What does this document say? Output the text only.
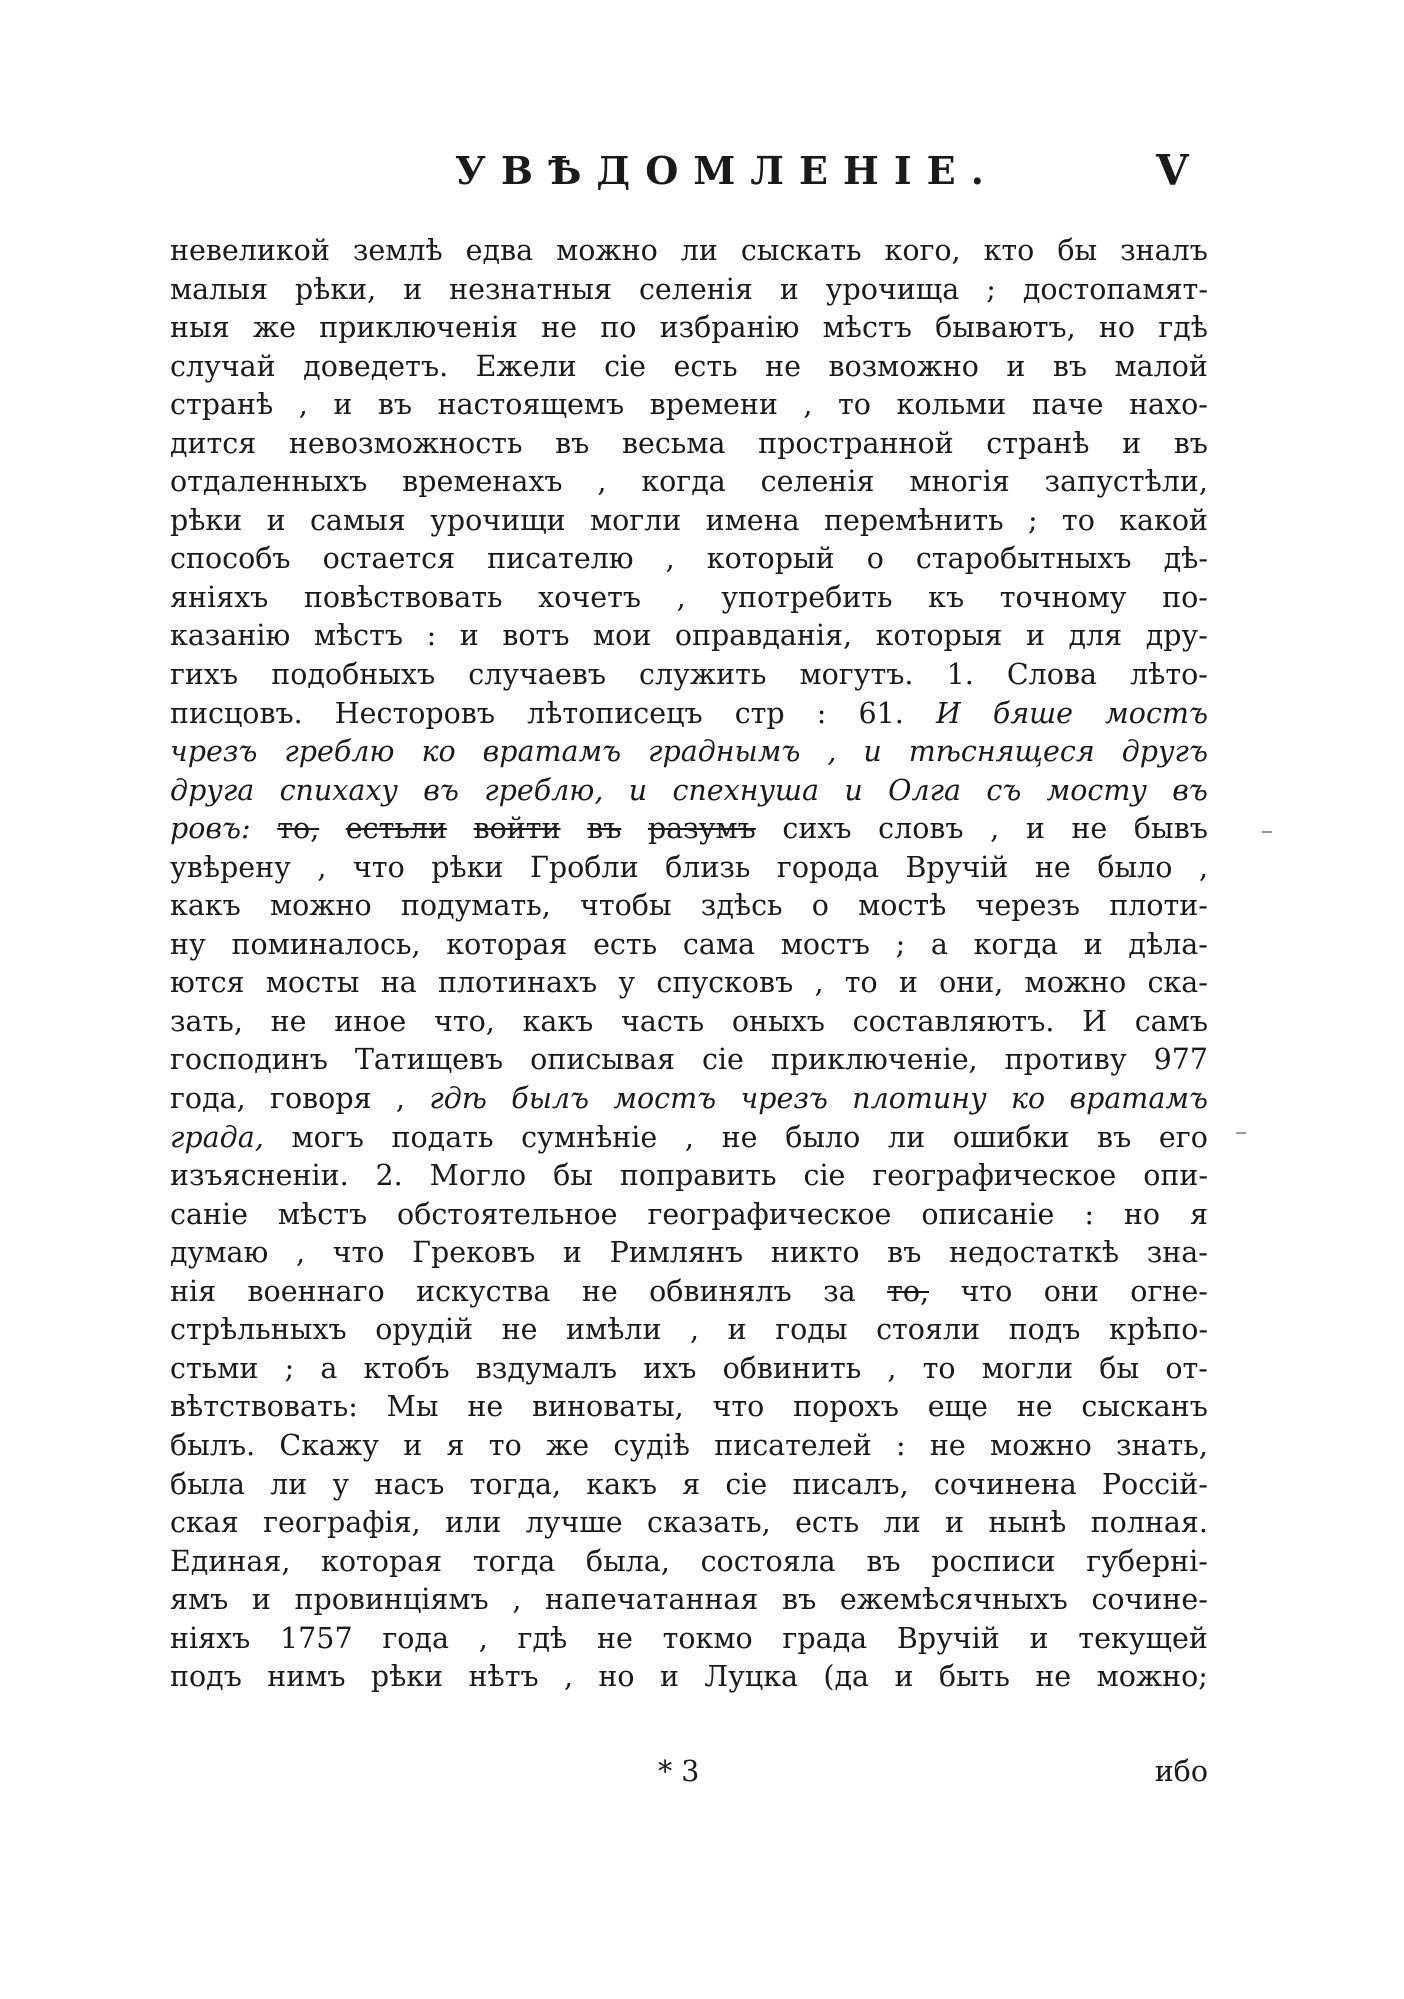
УВѢДОМЛЕНIЕ.	V
невеликой землѣ едва можно ли сыскать кого, кто бы зналъ
малыя рѣки, и незнатныя селенія и урочища ; достопамят-
ныя же приключенія не по избранію мѣстъ бываютъ, но гдѣ
случай доведетъ. Ежели сіе есть не возможно и въ малой
странѣ , и въ настоящемъ времени , то кольми паче нахо-
дится невозможность въ весьма пространной странѣ и въ
отдаленныхъ временахъ , когда селенія многія запустѣли,
рѣки и самыя урочищи могли имена перемѣнить ; то какой
способъ остается писателю , который о старобытныхъ дѣ-
яніяхъ повѣствовать хочетъ , употребить къ точному по-
казанію мѣстъ : и вотъ мои оправданія, которыя и для дру-
гихъ подобныхъ случаевъ служить могутъ. 1. Слова лѣто-
писцовъ. Несторовъ лѣтописецъ стр : 61. И бяше мостъ
чрезъ греблю ко вратамъ граднымъ , и тѣснящеся другъ
друга спихаху въ греблю, и спехнуша и Олга съ мосту въ
ровъ: то, естьли войти въ разумъ сихъ словъ , и не бывъ
увѣрену , что рѣки Гробли близь города Вручій не было ,
какъ можно подумать, чтобы здѣсь о мостѣ черезъ плоти-
ну поминалось, которая есть сама мостъ ; а когда и дѣла-
ются мосты на плотинахъ у спусковъ , то и они, можно ска-
зать, не иное что, какъ часть оныхъ составляютъ. И самъ
господинъ Татищевъ описывая сіе приключеніе, противу 977
года, говоря , гдѣ былъ мостъ чрезъ плотину ко вратамъ
града, могъ подать сумнѣніе , не было ли ошибки въ его
изъясненіи. 2. Могло бы поправить сіе географическое опи-
саніе мѣстъ обстоятельное географическое описаніе : но я
думаю , что Грековъ и Римлянъ никто въ недостаткѣ зна-
нія военнаго искуства не обвинялъ за то, что они огне-
стрѣльныхъ орудій не имѣли , и годы стояли подъ крѣпо-
стьми ; а ктобъ вздумалъ ихъ обвинить , то могли бы от-
вѣтствовать: Мы не виноваты, что порохъ еще не сысканъ
былъ. Скажу и я то же судіѣ писателей : не можно знать,
была ли у насъ тогда, какъ я сіе писалъ, сочинена Россій-
ская географія, или лучше сказать, есть ли и нынѣ полная.
Единая, которая тогда была, состояла въ росписи губерні-
ямъ и провинціямъ , напечатанная въ ежемѣсячныхъ сочине-
ніяхъ 1757 года , гдѣ не токмо града Вручій и текущей
подъ нимъ рѣки нѣтъ , но и Луцка (да и быть не можно;
* 3	ибо
